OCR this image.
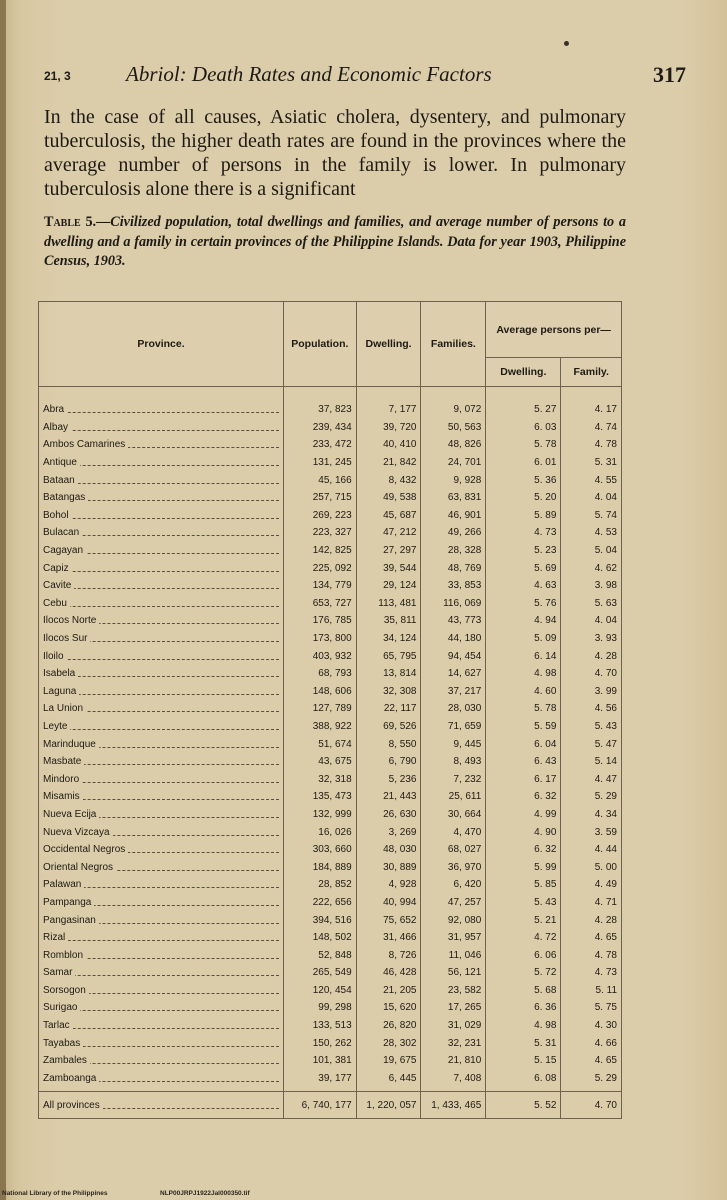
21, 3	Abriol: Death Rates and Economic Factors	317

In the case of all causes, Asiatic cholera, dysentery, and pulmonary tuberculosis, the higher death rates are found in the provinces where the average number of persons in the family is lower. In pulmonary tuberculosis alone there is a significant

Table 5.—Civilized population, total dwellings and families, and average number of persons to a dwelling and a family in certain provinces of the Philippine Islands. Data for year 1903, Philippine Census, 1903.

Province.	Population.	Dwelling.	Families.	Average persons per—	
				Dwelling.	Family.

Abra	37, 823	7, 177	9, 072	5. 27	4. 17

Albay	239, 434	39, 720	50, 563	6. 03	4. 74

Ambos Camarines	233, 472	40, 410	48, 826	5. 78	4. 78

Antique	131, 245	21, 842	24, 701	6. 01	5. 31

Bataan	45, 166	8, 432	9, 928	5. 36	4. 55

Batangas	257, 715	49, 538	63, 831	5. 20	4. 04

Bohol	269, 223	45, 687	46, 901	5. 89	5. 74

Bulacan	223, 327	47, 212	49, 266	4. 73	4. 53

Cagayan	142, 825	27, 297	28, 328	5. 23	5. 04

Capiz	225, 092	39, 544	48, 769	5. 69	4. 62

Cavite	134, 779	29, 124	33, 853	4. 63	3. 98

Cebu	653, 727	113, 481	116, 069	5. 76	5. 63

Ilocos Norte	176, 785	35, 811	43, 773	4. 94	4. 04

Ilocos Sur	173, 800	34, 124	44, 180	5. 09	3. 93

Iloilo	403, 932	65, 795	94, 454	6. 14	4. 28

Isabela	68, 793	13, 814	14, 627	4. 98	4. 70

Laguna	148, 606	32, 308	37, 217	4. 60	3. 99

La Union	127, 789	22, 117	28, 030	5. 78	4. 56

Leyte	388, 922	69, 526	71, 659	5. 59	5. 43

Marinduque	51, 674	8, 550	9, 445	6. 04	5. 47

Masbate	43, 675	6, 790	8, 493	6. 43	5. 14

Mindoro	32, 318	5, 236	7, 232	6. 17	4. 47

Misamis	135, 473	21, 443	25, 611	6. 32	5. 29

Nueva Ecija	132, 999	26, 630	30, 664	4. 99	4. 34

Nueva Vizcaya	16, 026	3, 269	4, 470	4. 90	3. 59

Occidental Negros	303, 660	48, 030	68, 027	6. 32	4. 44

Oriental Negros	184, 889	30, 889	36, 970	5. 99	5. 00

Palawan	28, 852	4, 928	6, 420	5. 85	4. 49

Pampanga	222, 656	40, 994	47, 257	5. 43	4. 71

Pangasinan	394, 516	75, 652	92, 080	5. 21	4. 28

Rizal	148, 502	31, 466	31, 957	4. 72	4. 65

Romblon	52, 848	8, 726	11, 046	6. 06	4. 78

Samar	265, 549	46, 428	56, 121	5. 72	4. 73

Sorsogon	120, 454	21, 205	23, 582	5. 68	5. 11

Surigao	99, 298	15, 620	17, 265	6. 36	5. 75

Tarlac	133, 513	26, 820	31, 029	4. 98	4. 30

Tayabas	150, 262	28, 302	32, 231	5. 31	4. 66

Zambales	101, 381	19, 675	21, 810	5. 15	4. 65

Zamboanga	39, 177	6, 445	7, 408	6. 08	5. 29

All provinces	6, 740, 177	1, 220, 057	1, 433, 465	5. 52	4. 70
National Library of the Philippines	NLP00JRPJ1922Jal000350.tif
